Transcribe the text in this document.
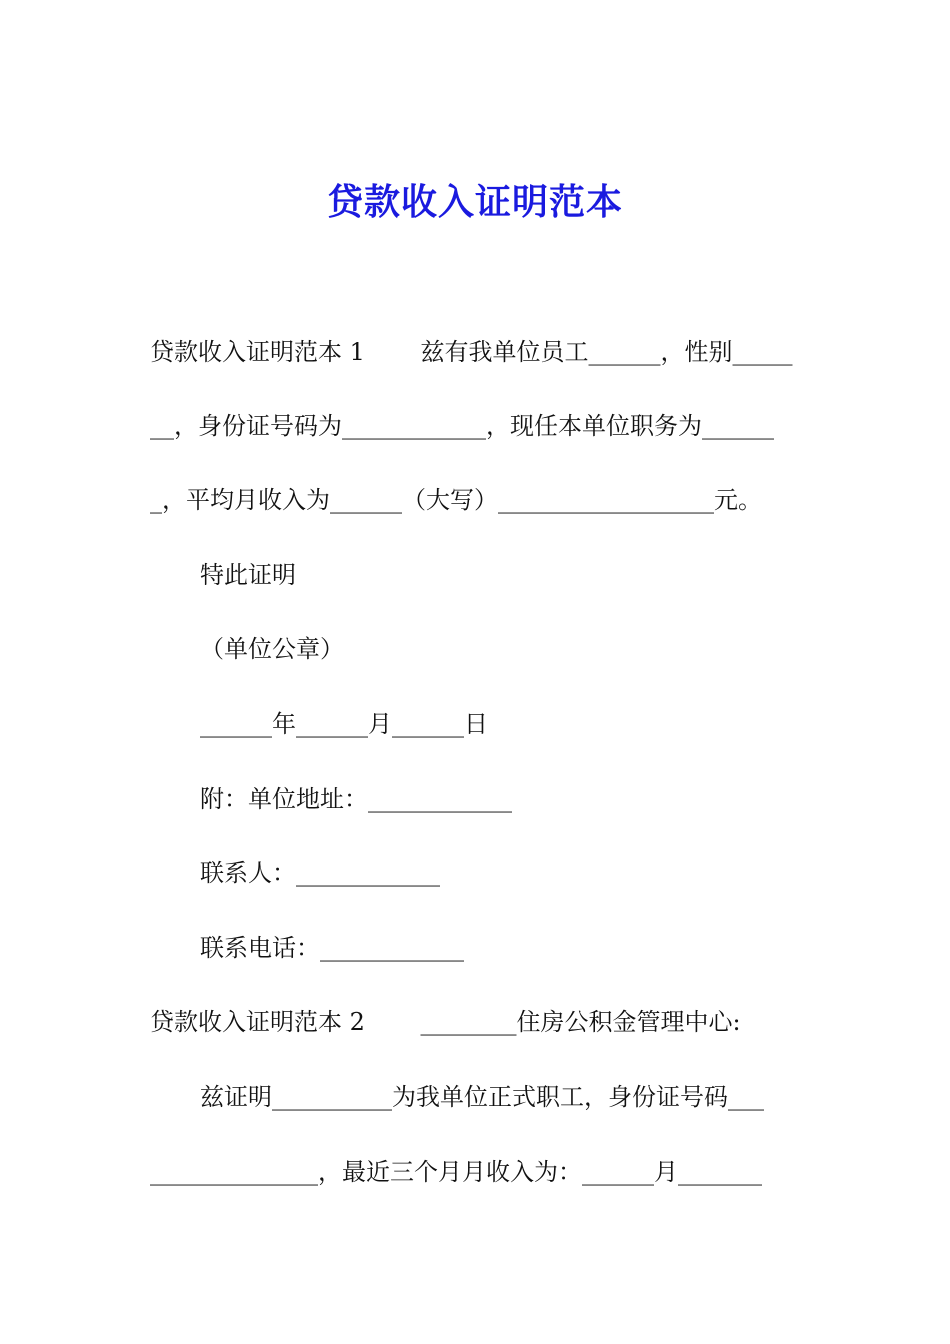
贷款收入证明范本
贷款收入证明范本 1　　 兹有我单位员工______，性别_____
__，身份证号码为____________，现任本单位职务为______
_，平均月收入为______（大写）__________________元。
特此证明
（单位公章）
______年______月______日
附：单位地址：____________
联系人：____________
联系电话：____________
贷款收入证明范本 2　　 ________住房公积金管理中心:
兹证明__________为我单位正式职工，身份证号码___
______________，最近三个月月收入为：______月_______
